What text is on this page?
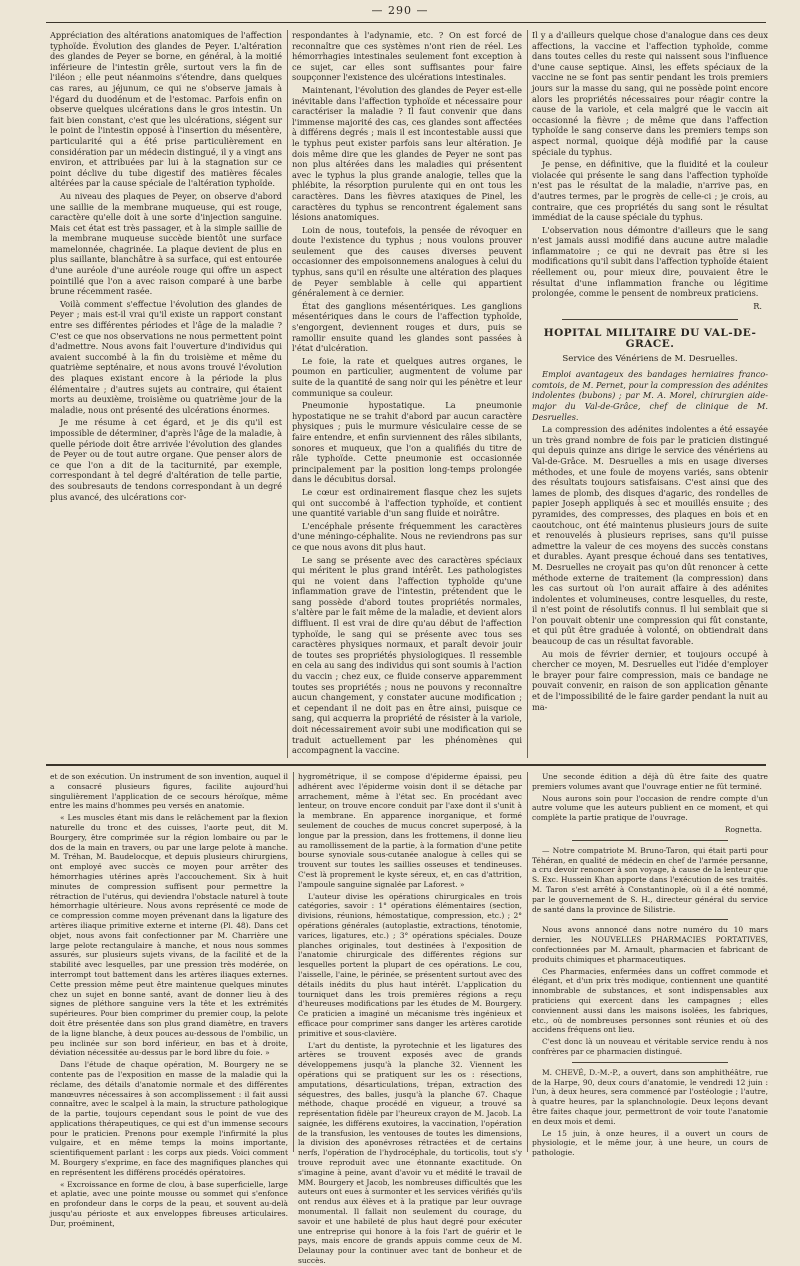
— 290 —

Appréciation des altérations anatomiques de l'affection typhoïde. Évolution des glandes de Peyer. L'altération des glandes de Peyer se borne, en général, à la moitié inférieure de l'intestin grêle, surtout vers la fin de l'iléon ; elle peut néanmoins s'étendre, dans quelques cas rares, au jéjunum, ce qui ne s'observe jamais à l'égard du duodénum et de l'estomac. Parfois enfin on observe quelques ulcérations dans le gros intestin. Un fait bien constant, c'est que les ulcérations, siégent sur le point de l'intestin opposé à l'insertion du mésentère, particularité qui a été prise particulièrement en considération par un médecin distingué, il y a vingt ans environ, et attribuées par lui à la stagnation sur ce point déclive du tube digestif des matières fécales altérées par la cause spéciale de l'altération typhoïde.

Au niveau des plaques de Peyer, on observe d'abord une saillie de la membrane muqueuse, qui est rouge, caractère qu'elle doit à une sorte d'injection sanguine. Mais cet état est très passager, et à la simple saillie de la membrane muqueuse succède bientôt une surface mamelonnée, chagrinée. La plaque devient de plus en plus saillante, blanchâtre à sa surface, qui est entourée d'une auréole d'une auréole rouge qui offre un aspect pointillé que l'on a avec raison comparé à une barbe brune récemment rasée.

Voilà comment s'effectue l'évolution des glandes de Peyer ; mais est-il vrai qu'il existe un rapport constant entre ses différentes périodes et l'âge de la maladie ? C'est ce que nos observations ne nous permettent point d'admettre. Nous avons fait l'ouverture d'individus qui avaient succombé à la fin du troisième et même du quatrième septénaire, et nous avons trouvé l'évolution des plaques existant encore à la période la plus élémentaire ; d'autres sujets au contraire, qui étaient morts au deuxième, troisième ou quatrième jour de la maladie, nous ont présenté des ulcérations énormes.

Je me résume à cet égard, et je dis qu'il est impossible de déterminer, d'après l'âge de la maladie, à quelle période doit être arrivée l'évolution des glandes de Peyer ou de tout autre organe. Que penser alors de ce que l'on a dit de la taciturnité, par exemple, correspondant à tel degré d'altération de telle partie, des soubresauts de tendons correspondant à un degré plus avancé, des ulcérations cor-

respondantes à l'adynamie, etc. ? On est forcé de reconnaître que ces systèmes n'ont rien de réel. Les hémorrhagies intestinales seulement font exception à ce sujet, car elles sont suffisantes pour faire soupçonner l'existence des ulcérations intestinales.

Maintenant, l'évolution des glandes de Peyer est-elle inévitable dans l'affection typhoïde et nécessaire pour caractériser la maladie ? Il faut convenir que dans l'immense majorité des cas, ces glandes sont affectées à différens degrés ; mais il est incontestable aussi que le typhus peut exister parfois sans leur altération. Je dois même dire que les glandes de Peyer ne sont pas non plus altérées dans les maladies qui présentent avec le typhus la plus grande analogie, telles que la phlébite, la résorption purulente qui en ont tous les caractères. Dans les fièvres ataxiques de Pinel, les caractères du typhus se rencontrent également sans lésions anatomiques.

Loin de nous, toutefois, la pensée de révoquer en doute l'existence du typhus ; nous voulons prouver seulement que des causes diverses peuvent occasionner des empoisonnemens analogues à celui du typhus, sans qu'il en résulte une altération des plaques de Peyer semblable à celle qui appartient généralement à ce dernier.

État des ganglions mésentériques. Les ganglions mésentériques dans le cours de l'affection typhoïde, s'engorgent, deviennent rouges et durs, puis se ramollir ensuite quand les glandes sont passées à l'état d'ulcération.

Le foie, la rate et quelques autres organes, le poumon en particulier, augmentent de volume par suite de la quantité de sang noir qui les pénètre et leur communique sa couleur.

Pneumonie hypostatique. La pneumonie hypostatique ne se trahit d'abord par aucun caractère physiques ; puis le murmure vésiculaire cesse de se faire entendre, et enfin surviennent des râles sibilants, sonores et muqueux, que l'on a qualifiés du titre de râle typhoïde. Cette pneumonie est occasionnée principalement par la position long-temps prolongée dans le décubitus dorsal.

Le cœur est ordinairement flasque chez les sujets qui ont succombé à l'affection typhoïde, et contient une quantité variable d'un sang fluide et noirâtre.

L'encéphale présente fréquemment les caractères d'une méningo-céphalite. Nous ne reviendrons pas sur ce que nous avons dit plus haut.

Le sang se présente avec des caractères spéciaux qui méritent le plus grand intérêt. Les pathologistes qui ne voient dans l'affection typhoïde qu'une inflammation grave de l'intestin, prétendent que le sang possède d'abord toutes propriétés normales, s'altère par le fait même de la maladie, et devient alors diffluent. Il est vrai de dire qu'au début de l'affection typhoïde, le sang qui se présente avec tous ses caractères physiques normaux, et paraît devoir jouir de toutes ses propriétés physiologiques. Il ressemble en cela au sang des individus qui sont soumis à l'action du vaccin ; chez eux, ce fluide conserve apparemment toutes ses propriétés ; nous ne pouvons y reconnaître aucun changement, y constater aucune modification ; et cependant il ne doit pas en être ainsi, puisque ce sang, qui acquerra la propriété de résister à la variole, doit nécessairement avoir subi une modification qui se traduit actuellement par les phénomènes qui accompagnent la vaccine.

Il y a d'ailleurs quelque chose d'analogue dans ces deux affections, la vaccine et l'affection typhoïde, comme dans toutes celles du reste qui naissent sous l'influence d'une cause septique. Ainsi, les effets spéciaux de la vaccine ne se font pas sentir pendant les trois premiers jours sur la masse du sang, qui ne possède point encore alors les propriétés nécessaires pour réagir contre la cause de la variole, et cela malgré que le vaccin ait occasionné la fièvre ; de même que dans l'affection typhoïde le sang conserve dans les premiers temps son aspect normal, quoique déjà modifié par la cause spéciale du typhus.

Je pense, en définitive, que la fluidité et la couleur violacée qui présente le sang dans l'affection typhoïde n'est pas le résultat de la maladie, n'arrive pas, en d'autres termes, par le progrès de celle-ci ; je crois, au contraire, que ces propriétés du sang sont le résultat immédiat de la cause spéciale du typhus.

L'observation nous démontre d'ailleurs que le sang n'est jamais aussi modifié dans aucune autre maladie inflammatoire ; ce qui ne devrait pas être si les modifications qu'il subit dans l'affection typhoïde étaient réellement ou, pour mieux dire, pouvaient être le résultat d'une inflammation franche ou légitime prolongée, comme le pensent de nombreux praticiens.

R.
HOPITAL MILITAIRE DU VAL-DE-GRACE.
Service des Vénériens de M. Desruelles.

Emploi avantageux des bandages herniaires franco-comtois, de M. Pernet, pour la compression des adénites indolentes (bubons) ; par M. A. Morel, chirurgien aide-major du Val-de-Grâce, chef de clinique de M. Desruelles.

La compression des adénites indolentes a été essayée un très grand nombre de fois par le praticien distingué qui depuis quinze ans dirige le service des vénériens au Val-de-Grâce. M. Desruelles a mis en usage diverses méthodes, et une foule de moyens variés, sans obtenir des résultats toujours satisfaisans. C'est ainsi que des lames de plomb, des disques d'agaric, des rondelles de papier Joseph appliqués à sec et mouillés ensuite ; des pyramides, des compresses, des plaques en bois et en caoutchouc, ont été maintenus plusieurs jours de suite et renouvelés à plusieurs reprises, sans qu'il puisse admettre la valeur de ces moyens des succès constans et durables. Ayant presque échoué dans ses tentatives, M. Desruelles ne croyait pas qu'on dût renoncer à cette méthode externe de traitement (la compression) dans les cas surtout où l'on aurait affaire à des adénites indolentes et volumineuses, contre lesquelles, du reste, il n'est point de résolutifs connus. Il lui semblait que si l'on pouvait obtenir une compression qui fût constante, et qui pût être graduée à volonté, on obtiendrait dans beaucoup de cas un résultat favorable.

Au mois de février dernier, et toujours occupé à chercher ce moyen, M. Desruelles eut l'idée d'employer le brayer pour faire compression, mais ce bandage ne pouvait convenir, en raison de son application gênante et de l'impossibilité de le faire garder pendant la nuit au ma-

et de son exécution. Un instrument de son invention, auquel il a consacré plusieurs figures, facilite aujourd'hui singulièrement l'application de ce secours héroïque, même entre les mains d'hommes peu versés en anatomie.

« Les muscles étant mis dans le relâchement par la flexion naturelle du tronc et des cuisses, l'aorte peut, dit M. Bourgery, être comprimée sur la région lombaire ou par le dos de la main en travers, ou par une large pelote à manche. M. Tréhan, M. Baudelocque, et depuis plusieurs chirurgiens, ont employé avec succès ce moyen pour arrêter des hémorrhagies utérines après l'accouchement. Six à huit minutes de compression suffisent pour permettre la rétraction de l'utérus, qui deviendra l'obstacle naturel à toute hémorrhagie ultérieure. Nous avons représenté ce mode de ce compression comme moyen prévenant dans la ligature des artères iliaque primitive externe et interne (Pl. 48). Dans cet objet, nous avons fait confectionner par M. Charrière une large pelote rectangulaire à manche, et nous nous sommes assurés, sur plusieurs sujets vivans, de la facilité et de la stabilité avec lesquelles, par une pression très modérée, on interrompt tout battement dans les artères iliaques externes. Cette pression même peut être maintenue quelques minutes chez un sujet en bonne santé, avant de donner lieu à des signes de pléthore sanguine vers la tête et les extrémités supérieures. Pour bien comprimer du premier coup, la pelote doit être présentée dans son plus grand diamètre, en travers de la ligne blanche, à deux pouces au-dessous de l'ombilic, un peu inclinée sur son bord inférieur, en bas et à droite, déviation nécessitée au-dessus par le bord libre du foie. »

Dans l'étude de chaque opération, M. Bourgery ne se contente pas de l'exposition en masse de la maladie qui la réclame, des détails d'anatomie normale et des différentes manœuvres nécessaires à son accomplissement : il fait aussi connaître, avec le scalpel à la main, la structure pathologique de la partie, toujours cependant sous le point de vue des applications thérapeutiques, ce qui est d'un immense secours pour le praticien. Prenons pour exemple l'infirmité la plus vulgaire, et en même temps la moins importante, scientifiquement parlant : les corps aux pieds. Voici comment M. Bourgery s'exprime, en face des magnifiques planches qui en représentent les différens procédés opératoires.

« Excroissance en forme de clou, à base superficielle, large et aplatie, avec une pointe mousse ou sommet qui s'enfonce en profondeur dans le corps de la peau, et souvent au-delà jusqu'au périoste et aux enveloppes fibreuses articulaires. Dur, proéminent,

hygrométrique, il se compose d'épiderme épaissi, peu adhérent avec l'épiderme voisin dont il se détache par arrachement, même à l'état sec. En procédant avec lenteur, on trouve encore conduit par l'axe dont il s'unit à la membrane. En apparence inorganique, et formé seulement de couches de mucus concret superposé, à la longue par la pression, dans les frottemens, il donne lieu au ramollissement de la partie, à la formation d'une petite bourse synoviale sous-cutanée analogue à celles qui se trouvent sur toutes les saillies osseuses et tendineuses. C'est là proprement le kyste séreux, et, en cas d'attrition, l'ampoule sanguine signalée par Laforest. »

L'auteur divise les opérations chirurgicales en trois catégories, savoir : 1° opérations élémentaires (section, divisions, réunions, hémostatique, compression, etc.) ; 2° opérations générales (autoplastie, extractions, ténotomie, varices, ligatures, etc.) ; 3° opérations spéciales. Douze planches originales, tout destinées à l'exposition de l'anatomie chirurgicale des différentes régions sur lesquelles portent la plupart de ces opérations. Le cou, l'aisselle, l'aine, le périnée, se présentent surtout avec des détails inédits du plus haut intérêt. L'application du tourniquet dans les trois premières régions a reçu d'heureuses modifications par les études de M. Bourgery. Ce praticien a imaginé un mécanisme très ingénieux et efficace pour comprimer sans danger les artères carotide primitive et sous-clavière.

L'art du dentiste, la pyrotechnie et les ligatures des artères se trouvent exposés avec de grands développemens jusqu'à la planche 32. Viennent les opérations qui se pratiquent sur les os : résections, amputations, désarticulations, trépan, extraction des séquestres, des balles, jusqu'à la planche 67. Chaque méthode, chaque procédé en vigueur, a trouvé sa représentation fidèle par l'heureux crayon de M. Jacob. La saignée, les différens exutoires, la vaccination, l'opération de la transfusion, les ventouses de toutes les dimensions, la division des aponévroses rétractées et de certains nerfs, l'opération de l'hydrocéphale, du torticolis, tout s'y trouve reproduit avec une étonnante exactitude. On s'imagine à peine, avant d'avoir vu et médité le travail de MM. Bourgery et Jacob, les nombreuses difficultés que les auteurs ont eues à surmonter et les services vérifiés qu'ils ont rendus aux élèves et à la pratique par leur ouvrage monumental. Il fallait non seulement du courage, du savoir et une habileté de plus haut degré pour exécuter une entreprise qui honore à la fois l'art de guérir et le pays, mais encore de grands appuis comme ceux de M. Delaunay pour la continuer avec tant de bonheur et de succès.

Une seconde édition a déjà dû être faite des quatre premiers volumes avant que l'ouvrage entier ne fût terminé.

Nous aurons soin pour l'occasion de rendre compte d'un autre volume que les auteurs publient en ce moment, et qui complète la partie pratique de l'ouvrage.

Rognetta.

— Notre compatriote M. Bruno-Taron, qui était parti pour Téhéran, en qualité de médecin en chef de l'armée persanne, a cru devoir renoncer à son voyage, à cause de la lenteur que S. Exc. Hussein Khan apporte dans l'exécution de ses traités. M. Taron s'est arrêté à Constantinople, où il a été nommé, par le gouvernement de S. H., directeur général du service de santé dans la province de Silistrie.

Nous avons annoncé dans notre numéro du 10 mars dernier, les NOUVELLES PHARMACIES PORTATIVES, confectionnées par M. Arnault, pharmacien et fabricant de produits chimiques et pharmaceutiques.

Ces Pharmacies, enfermées dans un coffret commode et élégant, et d'un prix très modique, contiennent une quantité innombrable de substances, et sont indispensables aux praticiens qui exercent dans les campagnes ; elles conviennent aussi dans les maisons isolées, les fabriques, etc., où de nombreuses personnes sont réunies et où des accidens fréquens ont lieu.

C'est donc là un nouveau et véritable service rendu à nos confrères par ce pharmacien distingué.

M. CHEVÉ, D.-M.-P., a ouvert, dans son amphithéâtre, rue de la Harpe, 90, deux cours d'anatomie, le vendredi 12 juin : l'un, à deux heures, sera commencé par l'ostéologie ; l'autre, à quatre heures, par la splanchnologie. Deux leçons devant être faites chaque jour, permettront de voir toute l'anatomie en deux mois et demi.

Le 15 juin, à onze heures, il a ouvert un cours de physiologie, et le même jour, à une heure, un cours de pathologie.
